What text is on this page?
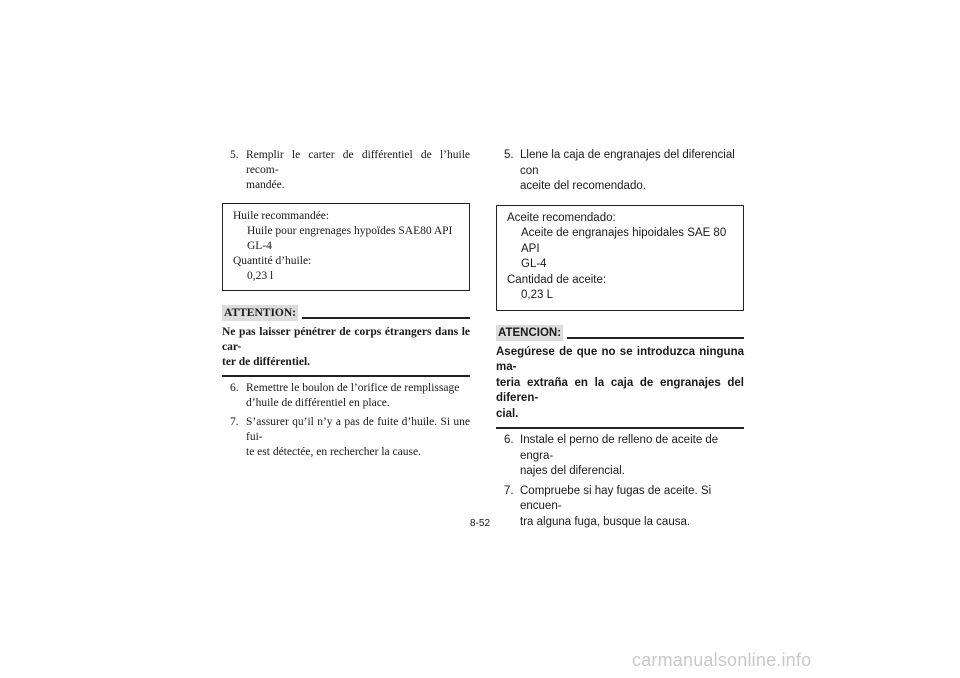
5. Remplir le carter de différentiel de l’huile recom-
mandée.

Huile recommandée:

Huile pour engrenages hypoïdes SAE80 API

GL-4

Quantité d’huile:

0,23 l

ATTENTION:
Ne pas laisser pénétrer de corps étrangers dans le car-
ter de différentiel.
6. Remettre le boulon de l’orifice de remplissage
d’huile de différentiel en place.
7. S’assurer qu’il n’y a pas de fuite d’huile. Si une fui-
te est détectée, en rechercher la cause.
5. Llene la caja de engranajes del diferencial con
aceite del recomendado.

Aceite recomendado:

Aceite de engranajes hipoidales SAE 80 API

GL-4

Cantidad de aceite:

0,23 L

ATENCION:
Asegúrese de que no se introduzca ninguna ma-
teria extraña en la caja de engranajes del diferen-
cial.
6. Instale el perno de relleno de aceite de engra-
najes del diferencial.
7. Compruebe si hay fugas de aceite. Si encuen-
tra alguna fuga, busque la causa.
8-52
carmanualsonline.info
